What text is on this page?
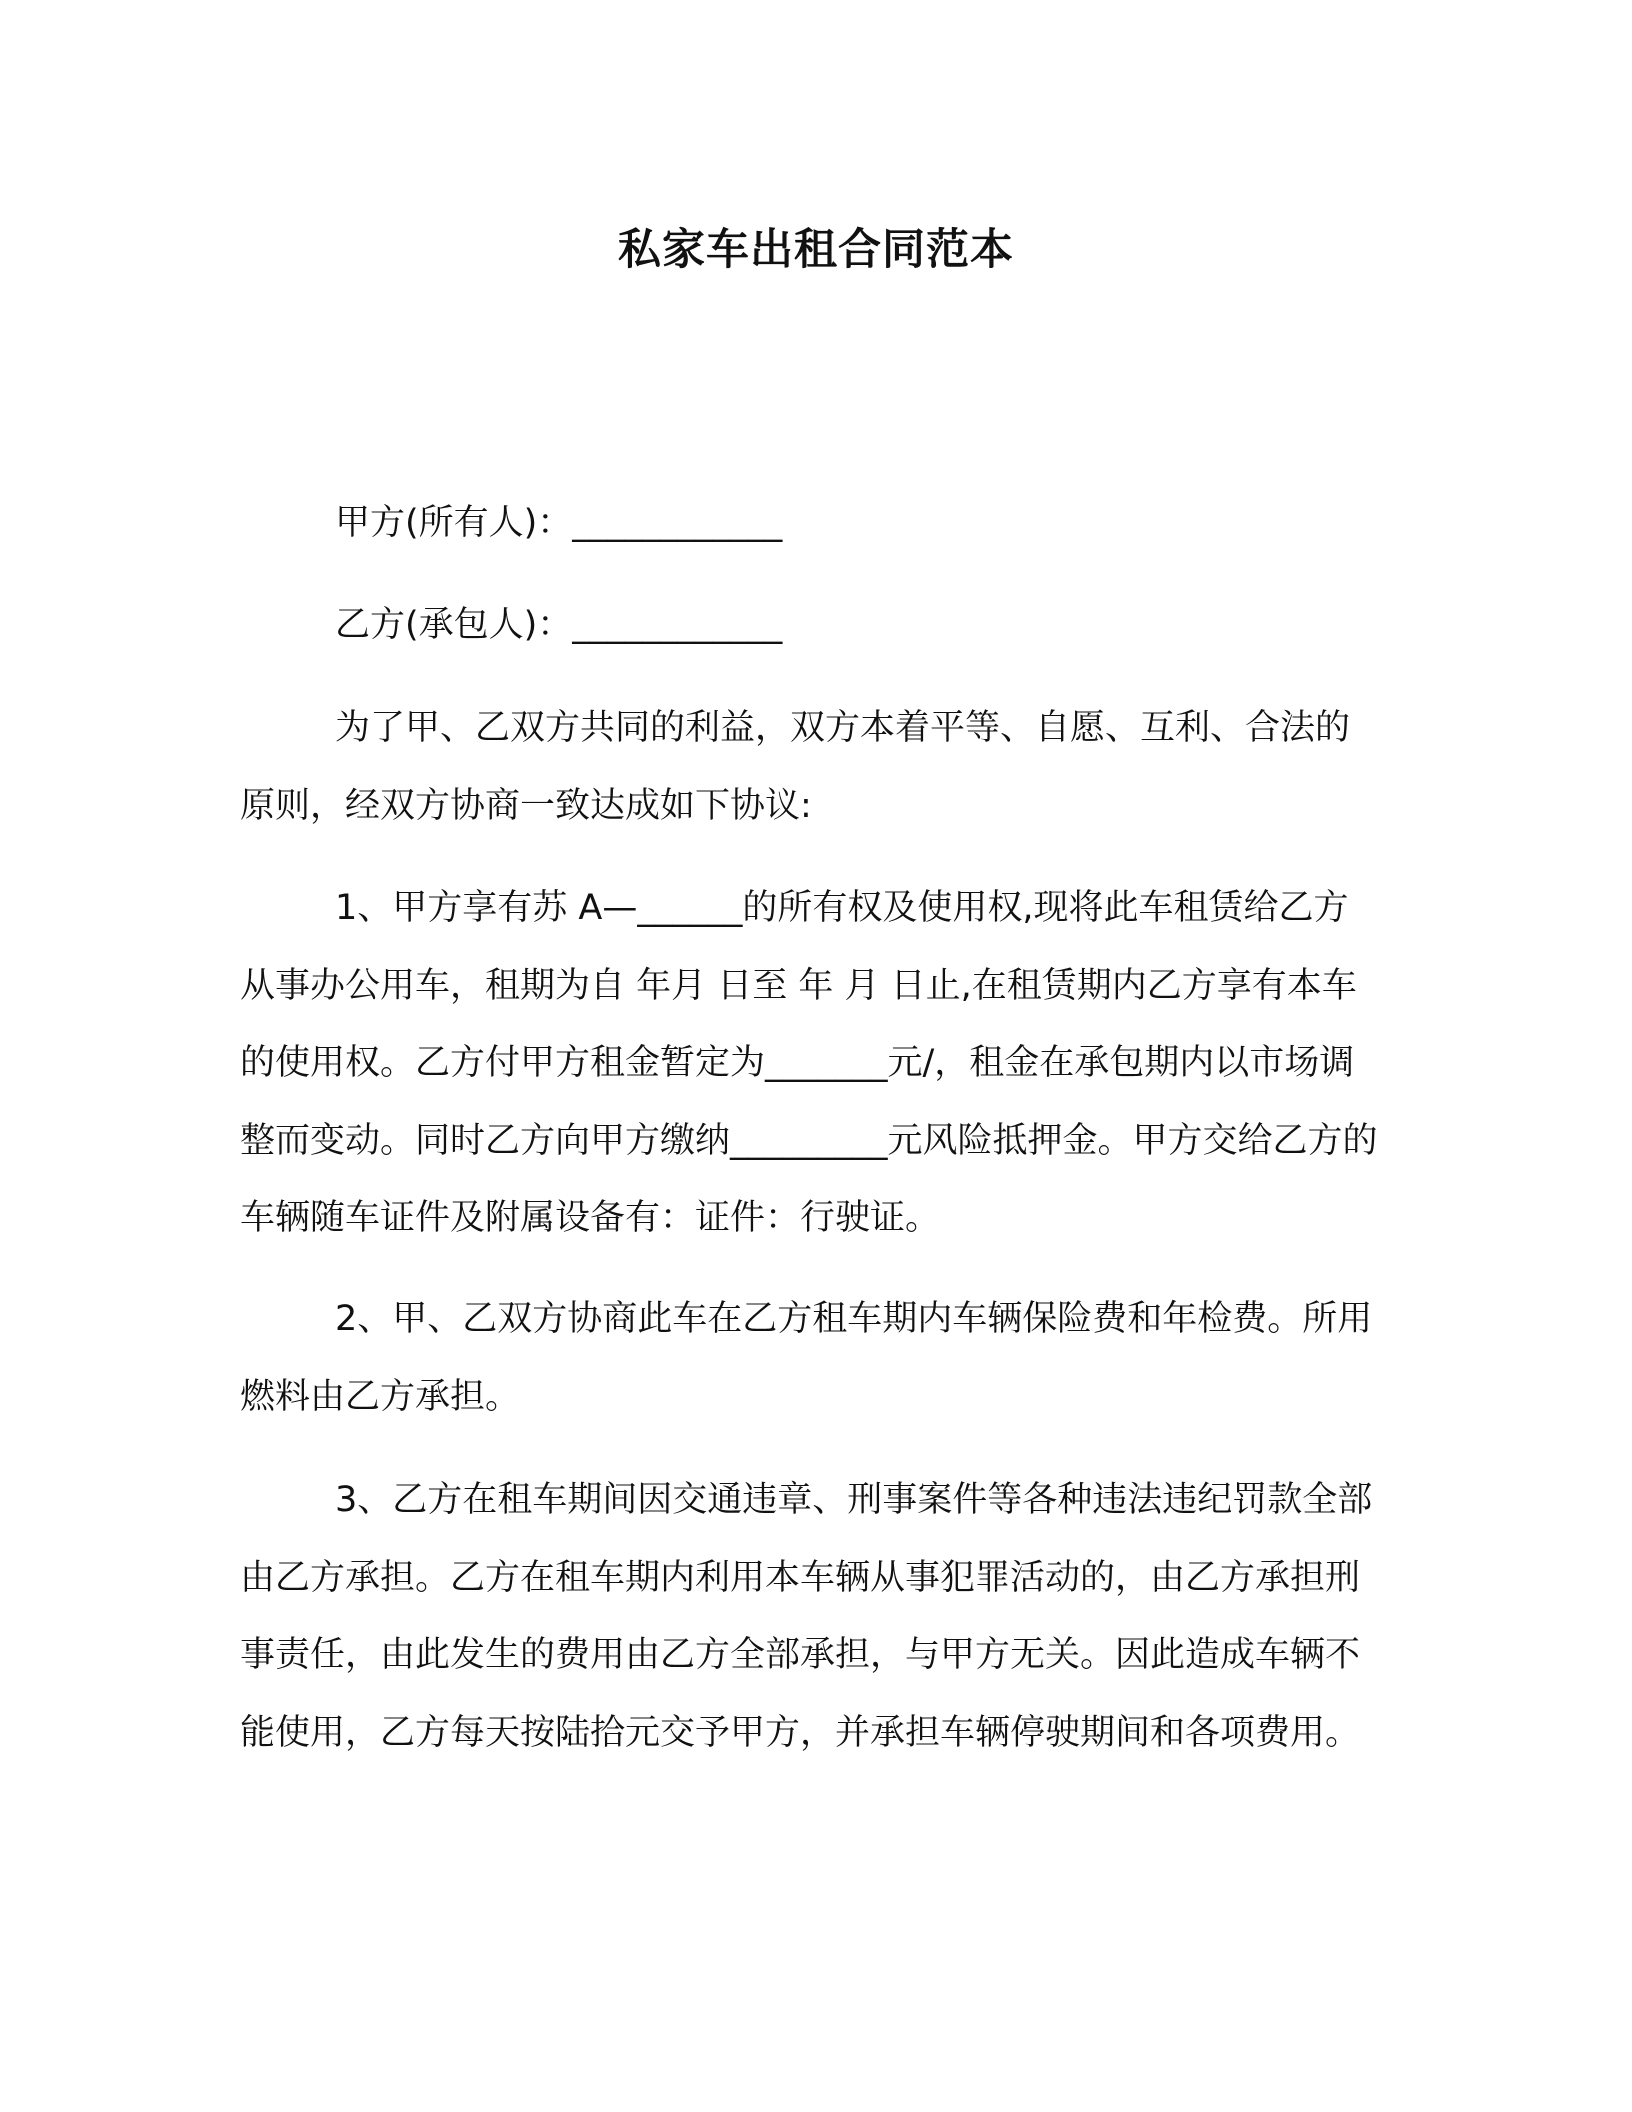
私家车出租合同范本
甲方(所有人)：____________
乙方(承包人)：____________

为了甲、乙双方共同的利益，双方本着平等、自愿、互利、合法的原则，经双方协商一致达成如下协议:

1、甲方享有苏 A—______的所有权及使用权,现将此车租赁给乙方从事办公用车，租期为自 年月 日至 年 月 日止,在租赁期内乙方享有本车的使用权。乙方付甲方租金暂定为_______元/，租金在承包期内以市场调整而变动。同时乙方向甲方缴纳_________元风险抵押金。甲方交给乙方的车辆随车证件及附属设备有：证件：行驶证。

2、甲、乙双方协商此车在乙方租车期内车辆保险费和年检费。所用燃料由乙方承担。

3、乙方在租车期间因交通违章、刑事案件等各种违法违纪罚款全部由乙方承担。乙方在租车期内利用本车辆从事犯罪活动的，由乙方承担刑事责任，由此发生的费用由乙方全部承担，与甲方无关。因此造成车辆不能使用，乙方每天按陆拾元交予甲方，并承担车辆停驶期间和各项费用。
